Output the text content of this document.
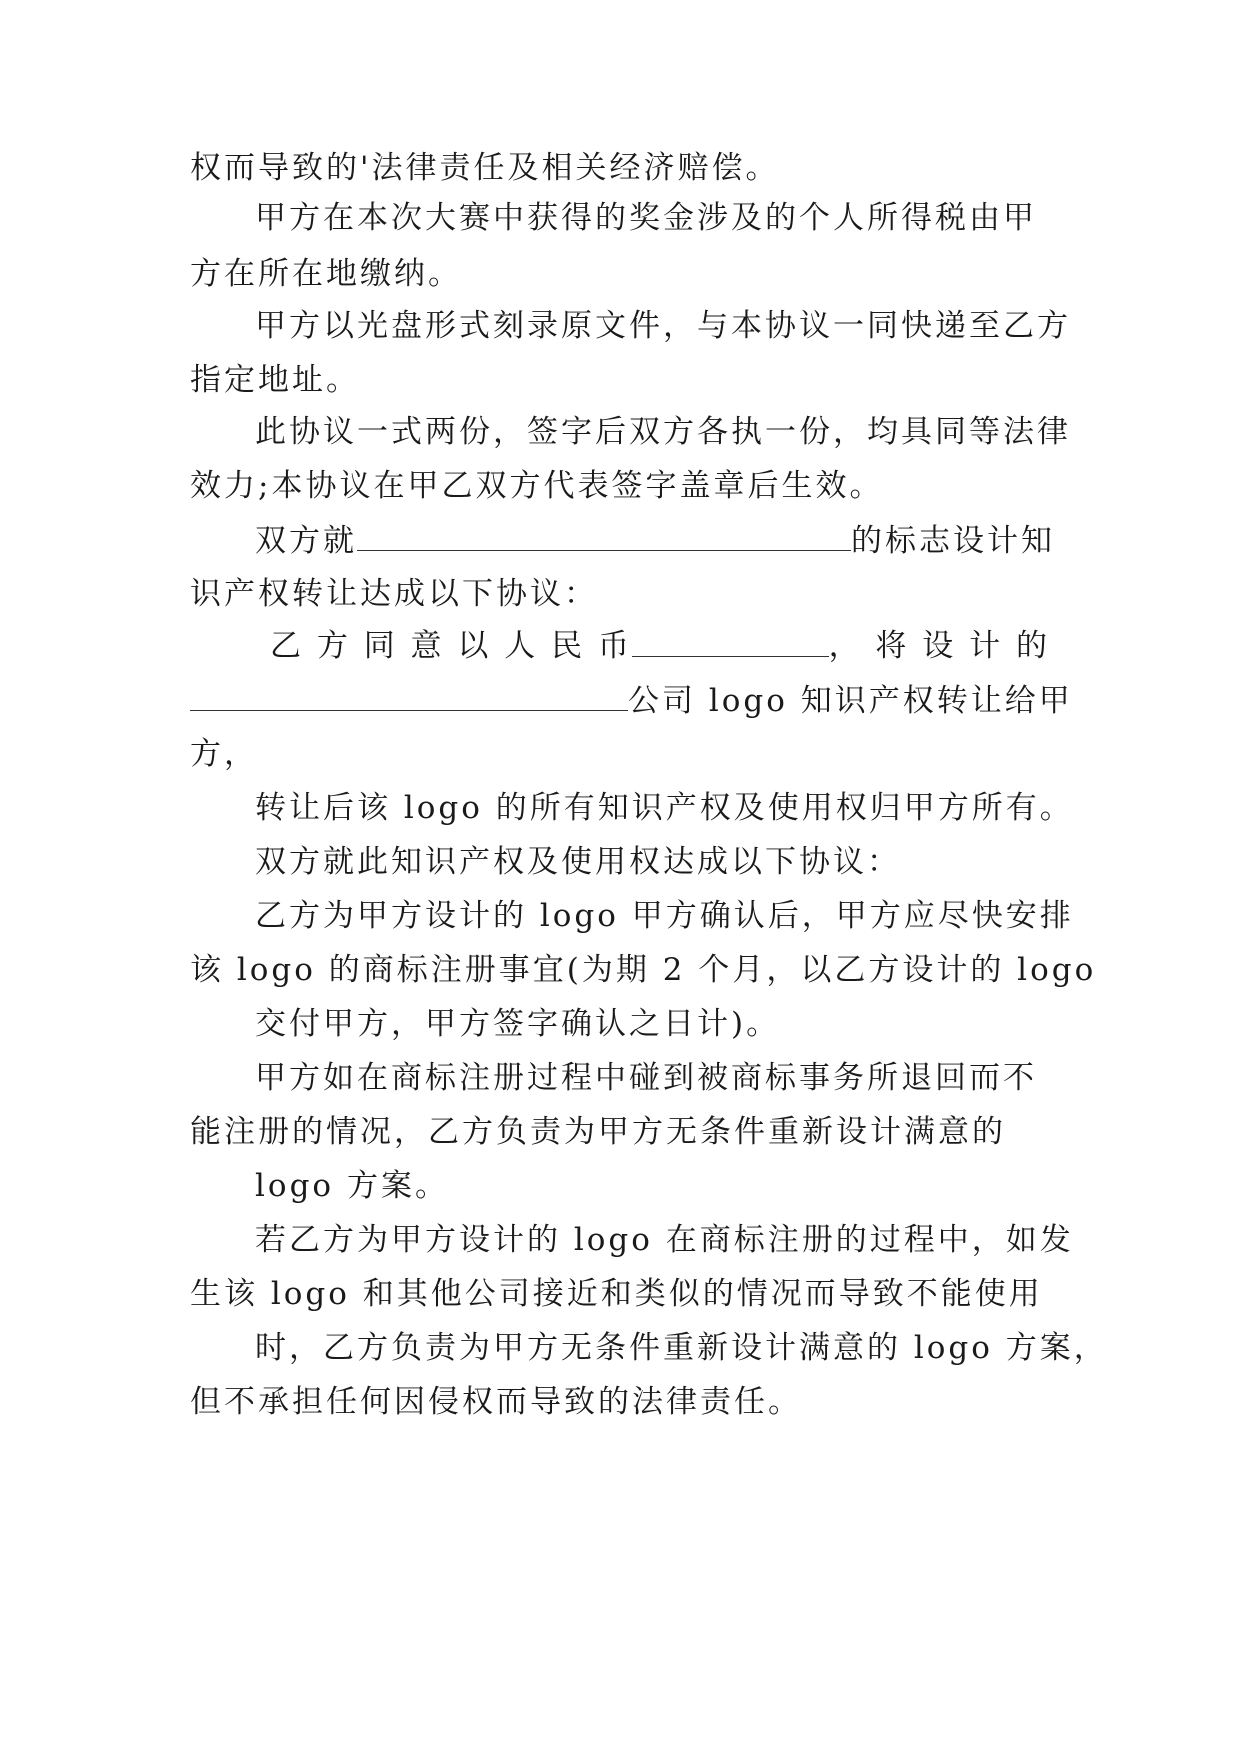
权而导致的'法律责任及相关经济赔偿。
甲方在本次大赛中获得的奖金涉及的个人所得税由甲
方在所在地缴纳。
甲方以光盘形式刻录原文件，与本协议一同快递至乙方
指定地址。
此协议一式两份，签字后双方各执一份，均具同等法律
效力;本协议在甲乙双方代表签字盖章后生效。
双方就	的标志设计知
识产权转让达成以下协议：
乙 方 同 意 以 人 民 币	， 将 设 计 的
公司 logo 知识产权转让给甲
方，
转让后该 logo 的所有知识产权及使用权归甲方所有。
双方就此知识产权及使用权达成以下协议：
乙方为甲方设计的 logo 甲方确认后，甲方应尽快安排
该 logo 的商标注册事宜(为期 2 个月，以乙方设计的 logo
交付甲方，甲方签字确认之日计)。
甲方如在商标注册过程中碰到被商标事务所退回而不
能注册的情况，乙方负责为甲方无条件重新设计满意的
logo 方案。
若乙方为甲方设计的 logo 在商标注册的过程中，如发
生该 logo 和其他公司接近和类似的情况而导致不能使用
时，乙方负责为甲方无条件重新设计满意的 logo 方案，
但不承担任何因侵权而导致的法律责任。
